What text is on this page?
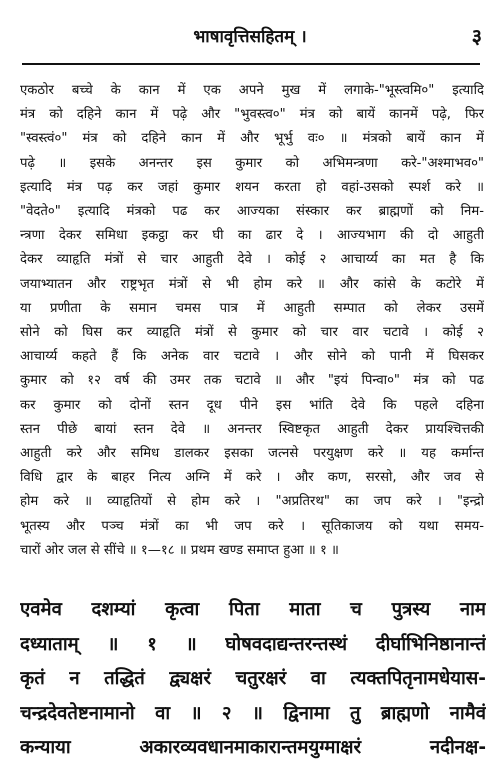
भाषावृत्तिसहितम् ।	३
एकठोर बच्चे के कान में एक अपने मुख में लगाके-"भूस्त्वमि०" इत्यादि
मंत्र को दहिने कान में पढ़े और "भुवस्त्व०" मंत्र को बायें कानमें पढ़े, फिर
"स्वस्त्वं०" मंत्र को दहिने कान में और भूर्भु वः० ॥ मंत्रको बायें कान में
पढ़े ॥ इसके अनन्तर इस कुमार को अभिमन्त्रणा करे-"अश्माभव०"
इत्यादि मंत्र पढ़ कर जहां कुमार शयन करता हो वहां-उसको स्पर्श करे ॥
"वेदते०" इत्यादि मंत्रको पढ कर आज्यका संस्कार कर ब्राह्मणों को निम-
न्त्रणा देकर समिधा इकट्ठा कर घी का ढार दे । आज्यभाग की दो आहुती
देकर व्याहृति मंत्रों से चार आहुती देवे । कोई २ आचार्य्य का मत है कि
जयाभ्यातन और राष्ट्रभृत मंत्रों से भी होम करे ॥ और कांसे के कटोरे में
या प्रणीता के समान चमस पात्र में आहुती सम्पात को लेकर उसमें
सोने को घिस कर व्याहृति मंत्रों से कुमार को चार वार चटावे । कोई २
आचार्य्य कहते हैं कि अनेक वार चटावे । और सोने को पानी में घिसकर
कुमार को १२ वर्ष की उमर तक चटावे ॥ और "इयं पिन्वा०" मंत्र को पढ
कर कुमार को दोनों स्तन दूध पीने इस भांति देवे कि पहले दहिना
स्तन पीछे बायां स्तन देवे ॥ अनन्तर स्विष्टकृत आहुती देकर प्रायश्चित्तकी
आहुती करे और समिध डालकर इसका जत्नसे परयुक्षण करे ॥ यह कर्मान्त
विधि द्वार के बाहर नित्य अग्नि में करे । और कण, सरसो, और जव से
होम करे ॥ व्याहृतियों से होम करे । "अप्रतिरथ" का जप करे । "इन्द्रो
भूतस्य और पञ्च मंत्रों का भी जप करे । सूतिकाजय को यथा समय-
चारों ओर जल से सींचे ॥ १—१८ ॥ प्रथम खण्ड समाप्त हुआ ॥ १ ॥
एवमेव दशम्यां कृत्वा पिता माता च पुत्रस्य नाम
दध्याताम् ॥ १ ॥ घोषवदाद्यन्तरन्तस्थं दीर्घाभिनिष्ठानान्तं
कृतं न तद्धितं द्व्यक्षरं चतुरक्षरं वा त्यक्तपितृनामधेयास-
चन्द्रदेवतेष्टनामानो वा ॥ २ ॥ द्विनामा तु ब्राह्मणो नामैवं
कन्याया अकारव्यवधानमाकारान्तमयुग्माक्षरं नदीनक्ष-
